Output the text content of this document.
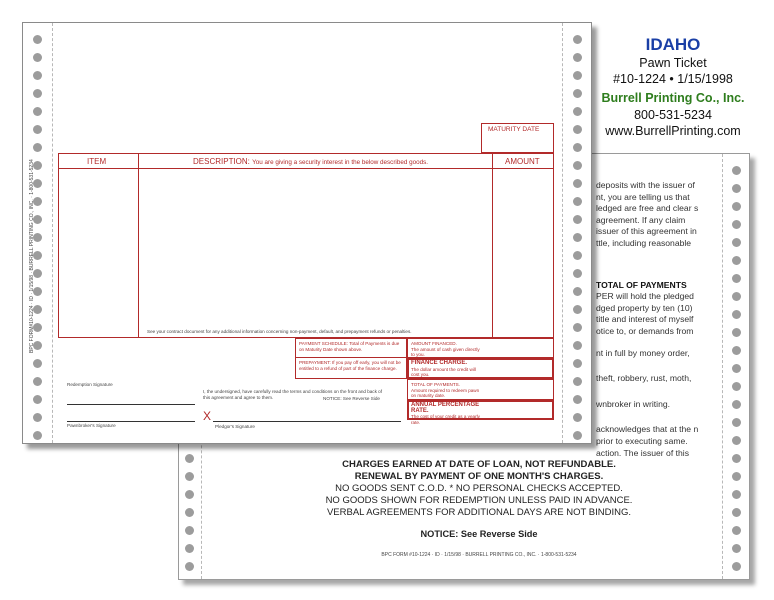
deposits with the issuer of nt, you are telling us that ledged are free and clear s agreement. If any claim issuer of this agreement in ttle, including reasonable

TOTAL OF PAYMENTS
PER will hold the pledged dged property by ten (10) title and interest of myself otice to, or demands from

nt in full by money order,

theft, robbery, rust, moth,

wnbroker in writing.

acknowledges that at the n prior to executing same. action. The issuer of this

CHARGES EARNED AT DATE OF LOAN, NOT REFUNDABLE.
RENEWAL BY PAYMENT OF ONE MONTH'S CHARGES.
NO GOODS SENT C.O.D. * NO PERSONAL CHECKS ACCEPTED.
NO GOODS SHOWN FOR REDEMPTION UNLESS PAID IN ADVANCE.
VERBAL AGREEMENTS FOR ADDITIONAL DAYS ARE NOT BINDING.
NOTICE: See Reverse Side
BPC FORM #10-1224 · ID · 1/15/98 · BURRELL PRINTING CO., INC. · 1-800-531-5234
BPC FORM#10-1224 · ID · 1/15/98 · BURRELL PRINTING CO., INC. · 1-800-531-5234
MATURITY DATE
ITEM	DESCRIPTION: You are giving a security interest in the below described goods.	AMOUNT
See your contract document for any additional information concerning non-payment, default, and prepayment refunds or penalties.
PAYMENT SCHEDULE: Total of Payments is due on Maturity Date shown above.
PREPAYMENT: If you pay off early, you will not be entitled to a refund of part of the finance charge.
AMOUNT FINANCED.
The amount of cash given directly to you.
FINANCE CHARGE.
The dollar amount the credit will cost you.
TOTAL OF PAYMENTS.
Amount required to redeem pawn on maturity date.
ANNUAL PERCENTAGE RATE.
The cost of your credit as a yearly rate.
Redemption Signature
Pawnbroker's Signature
I, the undersigned, have carefully read the terms and conditions on the front and back of this agreement and agree to them.	NOTICE: See Reverse Side
X
Pledgor's Signature
IDAHO
Pawn Ticket
#10-1224 • 1/15/1998
Burrell Printing Co., Inc.
800-531-5234
www.BurrellPrinting.com
